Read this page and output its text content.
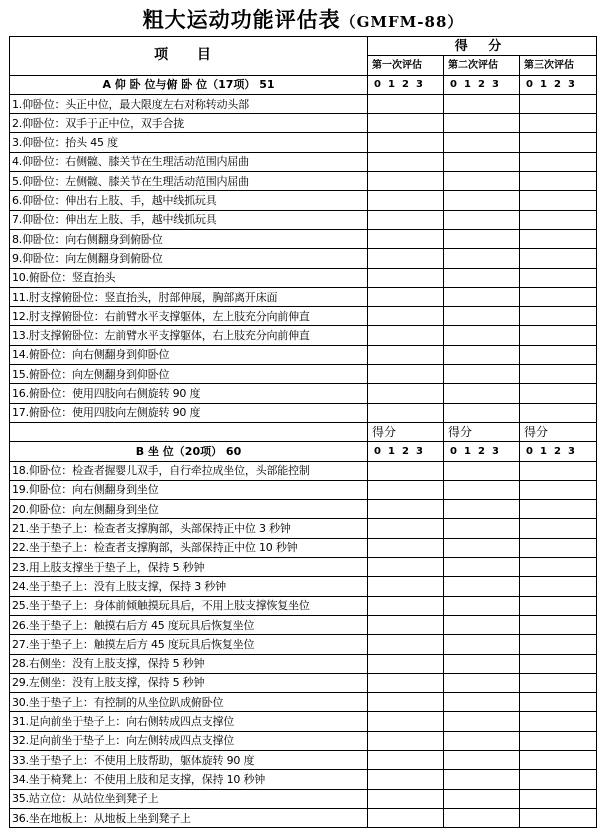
粗大运动功能评估表（GMFM-88）
项 目	得 分		
	第一次评估	第二次评估	第三次评估
A 仰 卧 位与俯 卧 位（17项） 51	0 1 2 3	0 1 2 3	0 1 2 3
1.仰卧位：头正中位，最大限度左右对称转动头部			
2.仰卧位：双手于正中位，双手合拢			
3.仰卧位：抬头 45 度			
4.仰卧位：右侧髋、膝关节在生理活动范围内屈曲			
5.仰卧位：左侧髋、膝关节在生理活动范围内屈曲			
6.仰卧位：伸出右上肢、手，越中线抓玩具			
7.仰卧位：伸出左上肢、手，越中线抓玩具			
8.仰卧位：向右侧翻身到俯卧位			
9.仰卧位：向左侧翻身到俯卧位			
10.俯卧位：竖直抬头			
11.肘支撑俯卧位：竖直抬头，肘部伸展，胸部离开床面			
12.肘支撑俯卧位：右前臂水平支撑躯体，左上肢充分向前伸直			
13.肘支撑俯卧位：左前臂水平支撑躯体，右上肢充分向前伸直			
14.俯卧位：向右侧翻身到仰卧位			
15.俯卧位：向左侧翻身到仰卧位			
16.俯卧位：使用四肢向右侧旋转 90 度			
17.俯卧位：使用四肢向左侧旋转 90 度			
	得分	得分	得分
B 坐 位（20项） 60	0 1 2 3	0 1 2 3	0 1 2 3
18.仰卧位：检查者握婴儿双手，自行牵拉成坐位，头部能控制			
19.仰卧位：向右侧翻身到坐位			
20.仰卧位：向左侧翻身到坐位			
21.坐于垫子上：检查者支撑胸部，头部保持正中位 3 秒钟			
22.坐于垫子上：检查者支撑胸部，头部保持正中位 10 秒钟			
23.用上肢支撑坐于垫子上，保持 5 秒钟			
24.坐于垫子上：没有上肢支撑，保持 3 秒钟			
25.坐于垫子上：身体前倾触摸玩具后，不用上肢支撑恢复坐位			
26.坐于垫子上：触摸右后方 45 度玩具后恢复坐位			
27.坐于垫子上：触摸左后方 45 度玩具后恢复坐位			
28.右侧坐：没有上肢支撑，保持 5 秒钟			
29.左侧坐：没有上肢支撑，保持 5 秒钟			
30.坐于垫子上：有控制的从坐位趴成俯卧位			
31.足向前坐于垫子上：向右侧转成四点支撑位			
32.足向前坐于垫子上：向左侧转成四点支撑位			
33.坐于垫子上：不使用上肢帮助，躯体旋转 90 度			
34.坐于椅凳上：不使用上肢和足支撑，保持 10 秒钟			
35.站立位：从站位坐到凳子上			
36.坐在地板上：从地板上坐到凳子上			
